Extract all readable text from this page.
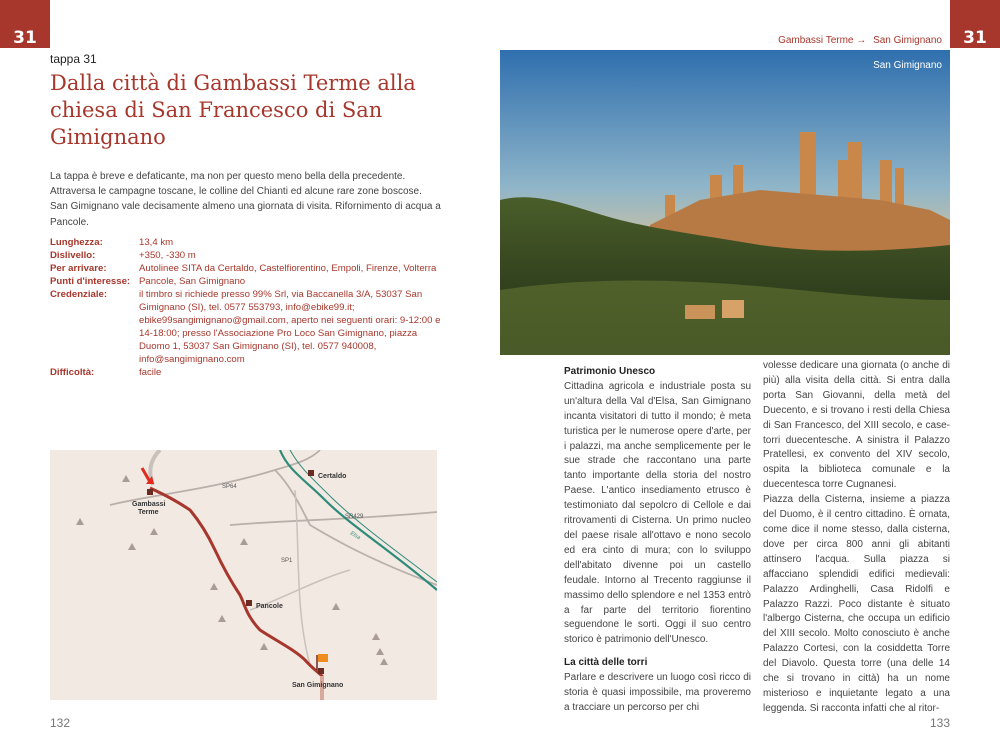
31
tappa 31
Dalla città di Gambassi Terme alla chiesa di San Francesco di San Gimignano

La tappa è breve e defaticante, ma non per questo meno bella della precedente. Attraversa le campagne toscane, le colline del Chianti ed alcune rare zone boscose. San Gimignano vale decisamente almeno una giornata di visita. Rifornimento di acqua a Pancole.

Lunghezza:	13,4 km
Dislivello:	+350, -330 m
Per arrivare:	Autolinee SITA da Certaldo, Castelfiorentino, Empoli, Firenze, Volterra
Punti d'interesse: Pancole, San Gimignano
Credenziale:	il timbro si richiede presso 99% Srl, via Baccanella 3/A, 53037 San Gimignano (SI), tel. 0577 553793, info@ebike99.it; ebike99sangimignano@gmail.com, aperto nei seguenti orari: 9-12:00 e 14-18:00; presso l'Associazione Pro Loco San Gimignano, piazza Duomo 1, 53037 San Gimignano (SI), tel. 0577 940008, info@sangimignano.com
Difficoltà:	facile
Gambassi
Terme
Certaldo
Pancole
San Gimignano
SP64
SR429
SP1
Elsa
132
31
Gambassi Terme → San Gimignano
San Gimignano
Patrimonio Unesco

Cittadina agricola e industriale posta su un'altura della Val d'Elsa, San Gimignano incanta visitatori di tutto il mondo; è meta turistica per le numerose opere d'arte, per i palazzi, ma anche semplicemente per le sue strade che raccontano una parte tanto importante della storia del nostro Paese. L'antico insediamento etrusco è testimoniato dal sepolcro di Cellole e dai ritrovamenti di Cisterna. Un primo nucleo del paese risale all'ottavo e nono secolo ed era cinto di mura; con lo sviluppo dell'abitato divenne poi un castello feudale. Intorno al Trecento raggiunse il massimo dello splendore e nel 1353 entrò a far parte del territorio fiorentino seguendone le sorti. Oggi il suo centro storico è patrimonio dell'Unesco.

La città delle torri

Parlare e descrivere un luogo così ricco di storia è quasi impossibile, ma proveremo a tracciare un percorso per chi

volesse dedicare una giornata (o anche di più) alla visita della città. Si entra dalla porta San Giovanni, della metà del Duecento, e si trovano i resti della Chiesa di San Francesco, del XIII secolo, e case-torri duecentesche. A sinistra il Palazzo Pratellesi, ex convento del XIV secolo, ospita la biblioteca comunale e la duecentesca torre Cugnanesi.

Piazza della Cisterna, insieme a piazza del Duomo, è il centro cittadino. È ornata, come dice il nome stesso, dalla cisterna, dove per circa 800 anni gli abitanti attinsero l'acqua. Sulla piazza si affacciano splendidi edifici medievali: Palazzo Ardinghelli, Casa Ridolfi e Palazzo Razzi. Poco distante è situato l'albergo Cisterna, che occupa un edificio del XIII secolo. Molto conosciuto è anche Palazzo Cortesi, con la cosiddetta Torre del Diavolo. Questa torre (una delle 14 che si trovano in città) ha un nome misterioso e inquietante legato a una leggenda. Si racconta infatti che al ritor-

133
